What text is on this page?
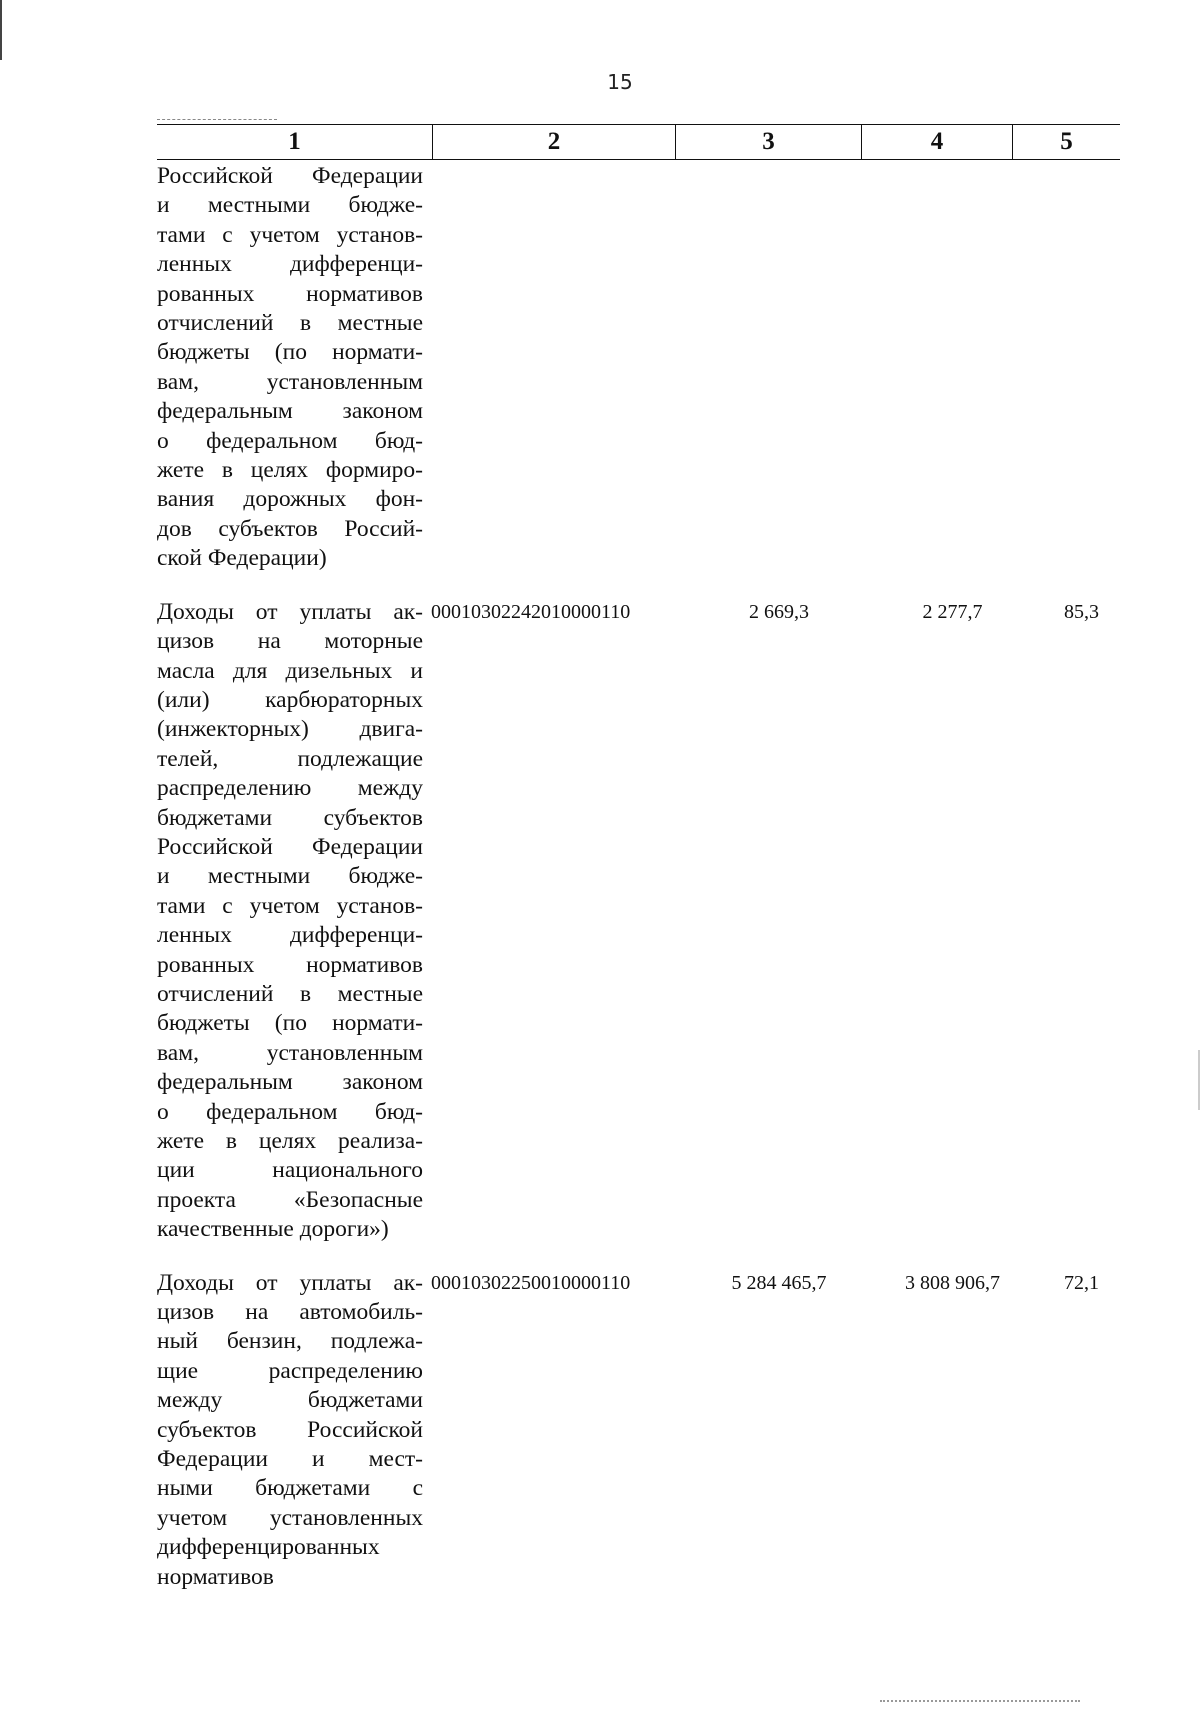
15
1	2	3	4	5
Российской Федерации
и местными бюдже-
тами с учетом установ-
ленных дифференци-
рованных нормативов
отчислений в местные
бюджеты (по нормати-
вам, установленным
федеральным законом
о федеральном бюд-
жете в целях формиро-
вания дорожных фон-
дов субъектов Россий-
ской Федерации)
Доходы от уплаты ак-
цизов на моторные
масла для дизельных и
(или) карбюраторных
(инжекторных) двига-
телей, подлежащие
распределению между
бюджетами субъектов
Российской Федерации
и местными бюдже-
тами с учетом установ-
ленных дифференци-
рованных нормативов
отчислений в местные
бюджеты (по нормати-
вам, установленным
федеральным законом
о федеральном бюд-
жете в целях реализа-
ции национального
проекта «Безопасные
качественные дороги»)
00010302242010000110	2 669,3	2 277,7	85,3
Доходы от уплаты ак-
цизов на автомобиль-
ный бензин, подлежа-
щие распределению
между бюджетами
субъектов Российской
Федерации и мест-
ными бюджетами с
учетом установленных
дифференцированных
нормативов
00010302250010000110	5 284 465,7	3 808 906,7	72,1
